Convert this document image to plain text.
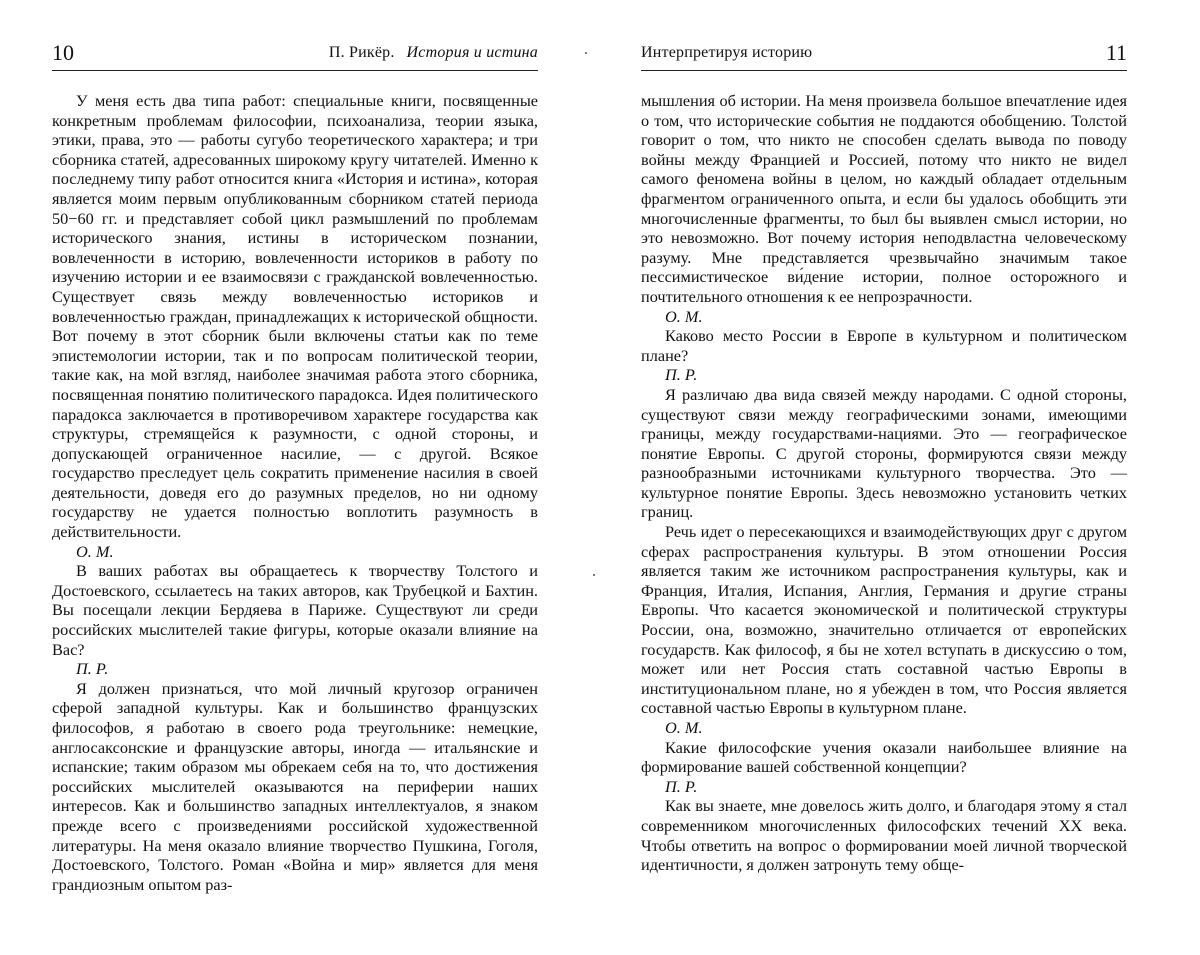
10	П. Рикёр. История и истина

У меня есть два типа работ: специальные книги, посвященные конкретным проблемам философии, психоанализа, теории языка, этики, права, это — работы сугубо теоретического характера; и три сборника статей, адресованных широкому кругу читателей. Именно к последнему типу работ относится книга «История и истина», которая является моим первым опубликованным сборником статей периода 50−60 гг. и представляет собой цикл размышлений по проблемам исторического знания, истины в историческом познании, вовлеченности в историю, вовлеченности историков в работу по изучению истории и ее взаимосвязи с гражданской вовлеченностью. Существует связь между вовлеченностью историков и вовлеченностью граждан, принадлежащих к исторической общности. Вот почему в этот сборник были включены статьи как по теме эпистемологии истории, так и по вопросам политической теории, такие как, на мой взгляд, наиболее значимая работа этого сборника, посвященная понятию политического парадокса. Идея политического парадокса заключается в противоречивом характере государства как структуры, стремящейся к разумности, с одной стороны, и допускающей ограниченное насилие, — с другой. Всякое государство преследует цель сократить применение насилия в своей деятельности, доведя его до разумных пределов, но ни одному государству не удается полностью воплотить разумность в действительности.

О. М.

В ваших работах вы обращаетесь к творчеству Толстого и Достоевского, ссылаетесь на таких авторов, как Трубецкой и Бахтин. Вы посещали лекции Бердяева в Париже. Существуют ли среди российских мыслителей такие фигуры, которые оказали влияние на Вас?

П. Р.

Я должен признаться, что мой личный кругозор ограничен сферой западной культуры. Как и большинство французских философов, я работаю в своего рода треугольнике: немецкие, англосаксонские и французские авторы, иногда — итальянские и испанские; таким образом мы обрекаем себя на то, что достижения российских мыслителей оказываются на периферии наших интересов. Как и большинство западных интеллектуалов, я знаком прежде всего с произведениями российской художественной литературы. На меня оказало влияние творчество Пушкина, Гоголя, Достоевского, Толстого. Роман «Война и мир» является для меня грандиозным опытом раз-

Интерпретируя историю	11

мышления об истории. На меня произвела большое впечатление идея о том, что исторические события не поддаются обобщению. Толстой говорит о том, что никто не способен сделать вывода по поводу войны между Францией и Россией, потому что никто не видел самого феномена войны в целом, но каждый обладает отдельным фрагментом ограниченного опыта, и если бы удалось обобщить эти многочисленные фрагменты, то был бы выявлен смысл истории, но это невозможно. Вот почему история неподвластна человеческому разуму. Мне представляется чрезвычайно значимым такое пессимистическое ви́дение истории, полное осторожного и почтительного отношения к ее непрозрачности.

О. М.

Каково место России в Европе в культурном и политическом плане?

П. Р.

Я различаю два вида связей между народами. С одной стороны, существуют связи между географическими зонами, имеющими границы, между государствами-нациями. Это — географическое понятие Европы. С другой стороны, формируются связи между разнообразными источниками культурного творчества. Это — культурное понятие Европы. Здесь невозможно установить четких границ.

Речь идет о пересекающихся и взаимодействующих друг с другом сферах распространения культуры. В этом отношении Россия является таким же источником распространения культуры, как и Франция, Италия, Испания, Англия, Германия и другие страны Европы. Что касается экономической и политической структуры России, она, возможно, значительно отличается от европейских государств. Как философ, я бы не хотел вступать в дискуссию о том, может или нет Россия стать составной частью Европы в институциональном плане, но я убежден в том, что Россия является составной частью Европы в культурном плане.

О. М.

Какие философские учения оказали наибольшее влияние на формирование вашей собственной концепции?

П. Р.

Как вы знаете, мне довелось жить долго, и благодаря этому я стал современником многочисленных философских течений XX века. Чтобы ответить на вопрос о формировании моей личной творческой идентичности, я должен затронуть тему обще-
